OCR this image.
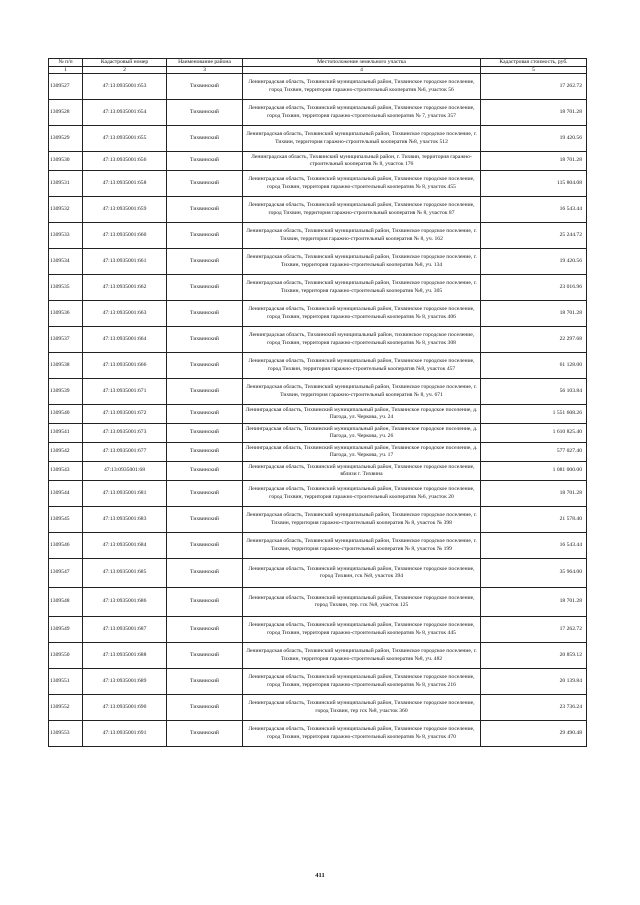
№ п/п	Кадастровый номер	Наименование района	Местоположение земельного участка	Кадастровая стоимость, руб.
1	2	3	4	5
1309527	47:13:0935001:653	Тихвинский	Ленинградская область, Тихвинский муниципальный район, Тихвинское городское поселение, город Тихвин, территория гаражно-строительный кооператив №6, участок 56	17 262.72
1309528	47:13:0935001:654	Тихвинский	Ленинградская область, Тихвинский муниципальный район, Тихвинское городское поселение, город Тихвин, территория гаражно-строительный кооператив № 7, участок 357	18 701.28
1309529	47:13:0935001:655	Тихвинский	Ленинградская область, Тихвинский муниципальный район, Тихвинское городское поселение, г. Тихвин, территория гаражно-строительный кооператив №8, участок 512	19 420.56
1309530	47:13:0935001:656	Тихвинский	Ленинградская область, Тихвинский муниципальный район, г. Тихвин, территория гаражно-строительный кооператив № 8, участок 176	18 701.28
1309531	47:13:0935001:658	Тихвинский	Ленинградская область, Тихвинский муниципальный район, Тихвинское городское поселение, город Тихвин, территория гаражно-строительный кооператив № 8, участок 455	115 804.08
1309532	47:13:0935001:659	Тихвинский	Ленинградская область, Тихвинский муниципальный район, Тихвинское городское поселение, город Тихвин, территория гаражно-строительный кооператив № 8, участок 87	16 543.44
1309533	47:13:0935001:660	Тихвинский	Ленинградская область, Тихвинский муниципальный район, Тихвинское городское поселение, г. Тихвин, территория гаражно-строительный кооператив № 8, уч. 162	25 244.72
1309534	47:13:0935001:661	Тихвинский	Ленинградская область, Тихвинский муниципальный район, Тихвинское городское поселение, г. Тихвин, территория гаражно-строительный кооператив №8, уч. 134	19 420.56
1309535	47:13:0935001:662	Тихвинский	Ленинградская область, Тихвинский муниципальный район, Тихвинское городское поселение, г. Тихвин, территория гаражно-строительный кооператив №8, уч. 305	23 016.96
1309536	47:13:0935001:663	Тихвинский	Ленинградская область, Тихвинский муниципальный район, Тихвинское городское поселение, город Тихвин, территория гаражно-строительный кооператив № 8, участок 406	18 701.28
1309537	47:13:0935001:664	Тихвинский	Ленинградская область, Тихвинский муниципальный район, тихвинское городское поселение, город Тихвин, территория гаражно-строительный кооператив № 8, участок 308	22 297.68
1309538	47:13:0935001:666	Тихвинский	Ленинградская область, Тихвинский муниципальный район, Тихвинское городское поселение, город Тихвин, территория гаражно-строительный кооператив №8, участок 457	61 128.00
1309539	47:13:0935001:671	Тихвинский	Ленинградская область, Тихвинский муниципальный район, Тихвинское городское поселение, г. Тихвин, территория гаражно-строительный кооператив № 8, уч. 671	56 103.84
1309540	47:13:0935001:672	Тихвинский	Ленинградская область, Тихвинский муниципальный район, Тихвинское городское поселение, д. Пагода, ул. Черкова, уч. 24	1 551 608.26
1309541	47:13:0935001:673	Тихвинский	Ленинградская область, Тихвинский муниципальный район, Тихвинское городское поселение, д. Пагода, ул. Черкова, уч. 26	1 610 825.40
1309542	47:13:0935001:677	Тихвинский	Ленинградская область, Тихвинский муниципальный район, Тихвинское городское поселение, д. Пагода, ул. Черкова, уч. 17	577 027.40
1309543	47:13:0935001:68	Тихвинский	Ленинградская область, Тихвинский муниципальный район, Тихвинское городское поселение, вблизи г. Тихвина	1 081 000.00
1309544	47:13:0935001:681	Тихвинский	Ленинградская область, Тихвинский муниципальный район, Тихвинское городское поселение, город Тихвин, территория гаражно-строительный кооператив №6, участок 20	18 701.28
1309545	47:13:0935001:683	Тихвинский	Ленинградская область, Тихвинский муниципальный район, Тихвинское городское поселение, г. Тихвин, территория гаражно-строительный кооператив № 8, участок № 398	21 578.40
1309546	47:13:0935001:684	Тихвинский	Ленинградская область, Тихвинский муниципальный район, Тихвинское городское поселение, г. Тихвин, территория гаражно-строительный кооператив № 8, участок № 199	16 543.44
1309547	47:13:0935001:685	Тихвинский	Ленинградская область, Тихвинский муниципальный район, Тихвинское городское поселение, город Тихвин, гск №8, участок 394	35 964.00
1309548	47:13:0935001:686	Тихвинский	Ленинградская область, Тихвинский муниципальный район, Тихвинское городское поселение, город Тихвин, тер. гск №8, участок 125	18 701.28
1309549	47:13:0935001:687	Тихвинский	Ленинградская область, Тихвинский муниципальный район, Тихвинское городское поселение, город Тихвин, территория гаражно-строительный кооператив № 8, участок 445	17 262.72
1309550	47:13:0935001:688	Тихвинский	Ленинградская область, Тихвинский муниципальный район, Тихвинское городское поселение, г. Тихвин, территория гаражно-строительный кооператив №8, уч. 482	20 859.12
1309551	47:13:0935001:689	Тихвинский	Ленинградская область, Тихвинский муниципальный район, Тихвинское городское поселение, город Тихвин, территория гаражно-строительный кооператив № 8, участок 216	20 139.84
1309552	47:13:0935001:690	Тихвинский	Ленинградская область, Тихвинский муниципальный район, Тихвинское городское поселение, город Тихвин, тер гск №8, участок 360	23 736.24
1309553	47:13:0935001:691	Тихвинский	Ленинградская область, Тихвинский муниципальный район, Тихвинское городское поселение, город Тихвин, территория гаражно-строительный кооператив № 8, участок 470	29 490.48
411
